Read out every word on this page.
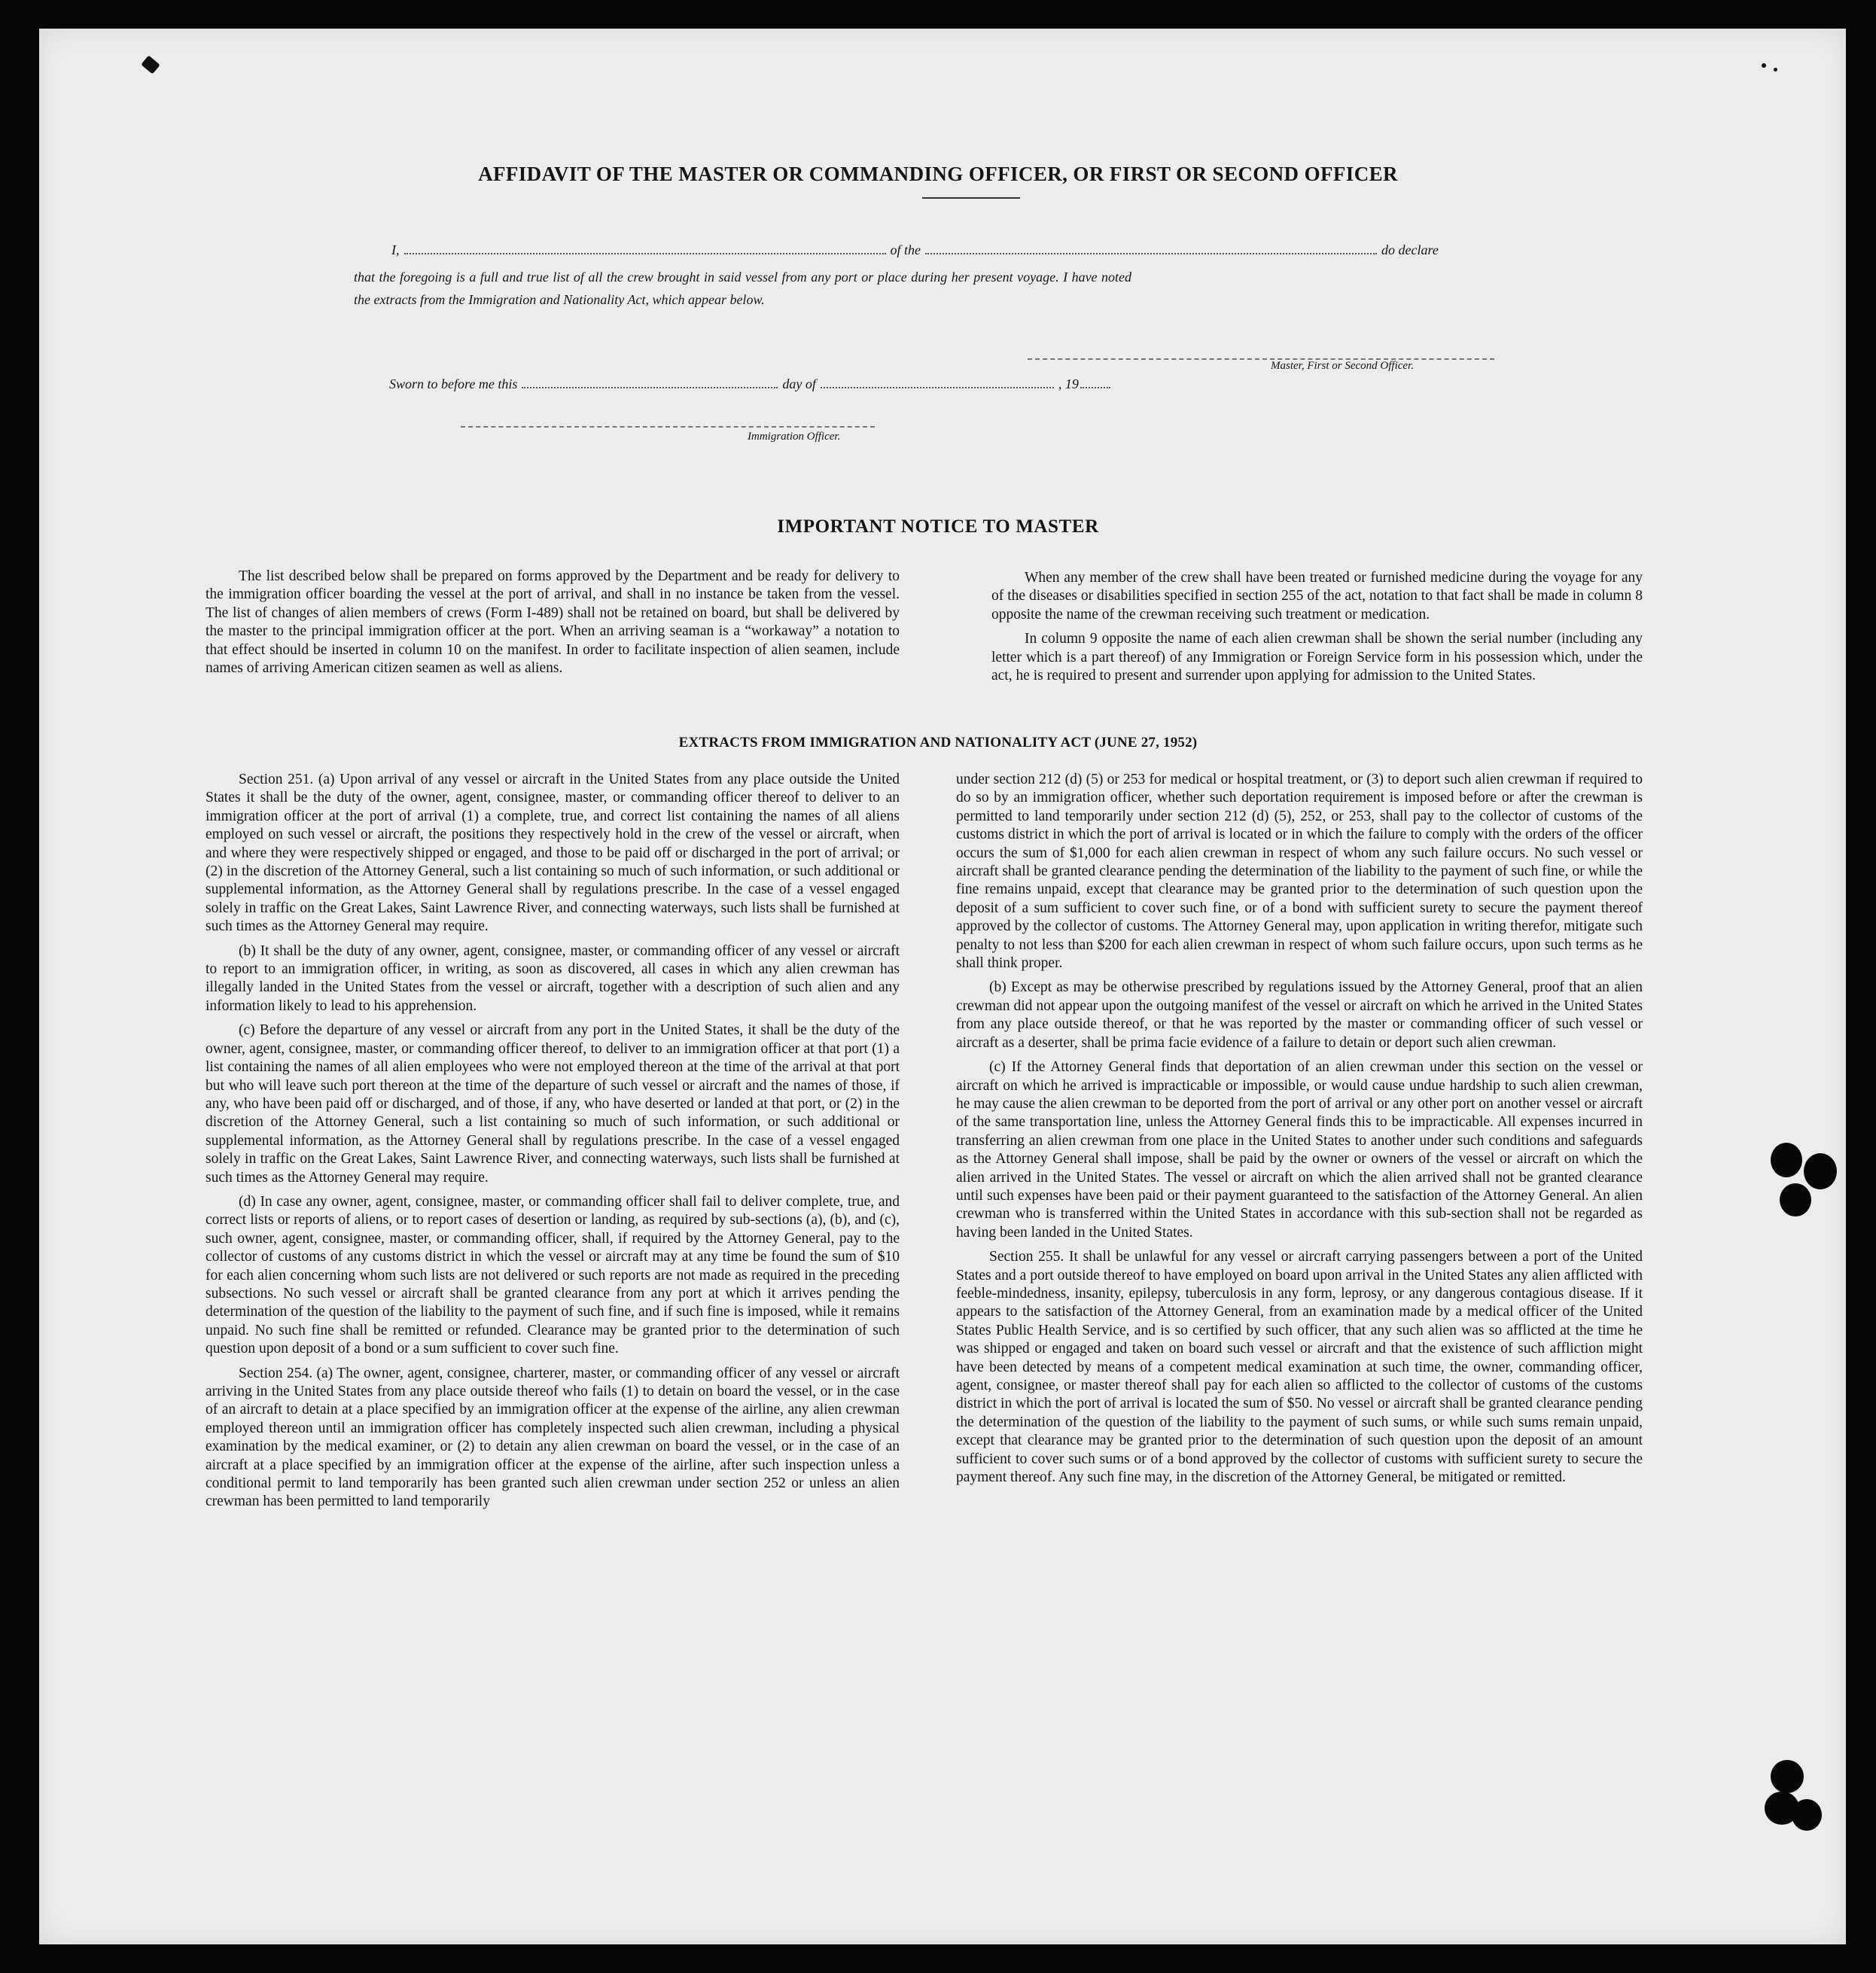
AFFIDAVIT OF THE MASTER OR COMMANDING OFFICER, OR FIRST OR SECOND OFFICER
I,	of the	do declare
that the foregoing is a full and true list of all the crew brought in said vessel from any port or place during her present voyage. I have noted
the extracts from the Immigration and Nationality Act, which appear below.
Master, First or Second Officer.
Sworn to before me this	day of	, 19
Immigration Officer.
IMPORTANT NOTICE TO MASTER

The list described below shall be prepared on forms approved by the Department and be ready for delivery to the immigration officer boarding the vessel at the port of arrival, and shall in no instance be taken from the vessel. The list of changes of alien members of crews (Form I-489) shall not be retained on board, but shall be delivered by the master to the principal immigration officer at the port. When an arriving seaman is a “workaway” a notation to that effect should be inserted in column 10 on the manifest. In order to facilitate inspection of alien seamen, include names of arriving American citizen seamen as well as aliens.

When any member of the crew shall have been treated or furnished medicine during the voyage for any of the diseases or disabilities specified in section 255 of the act, notation to that fact shall be made in column 8 opposite the name of the crewman receiving such treatment or medication.

In column 9 opposite the name of each alien crewman shall be shown the serial number (including any letter which is a part thereof) of any Immigration or Foreign Service form in his possession which, under the act, he is required to present and surrender upon applying for admission to the United States.

EXTRACTS FROM IMMIGRATION AND NATIONALITY ACT (JUNE 27, 1952)

Section 251. (a) Upon arrival of any vessel or aircraft in the United States from any place outside the United States it shall be the duty of the owner, agent, consignee, master, or commanding officer thereof to deliver to an immigration officer at the port of arrival (1) a complete, true, and correct list containing the names of all aliens employed on such vessel or aircraft, the positions they respectively hold in the crew of the vessel or aircraft, when and where they were respectively shipped or engaged, and those to be paid off or discharged in the port of arrival; or (2) in the discretion of the Attorney General, such a list containing so much of such information, or such additional or supplemental information, as the Attorney General shall by regulations prescribe. In the case of a vessel engaged solely in traffic on the Great Lakes, Saint Lawrence River, and connecting waterways, such lists shall be furnished at such times as the Attorney General may require.

(b) It shall be the duty of any owner, agent, consignee, master, or commanding officer of any vessel or aircraft to report to an immigration officer, in writing, as soon as discovered, all cases in which any alien crewman has illegally landed in the United States from the vessel or aircraft, together with a description of such alien and any information likely to lead to his apprehension.

(c) Before the departure of any vessel or aircraft from any port in the United States, it shall be the duty of the owner, agent, consignee, master, or commanding officer thereof, to deliver to an immigration officer at that port (1) a list containing the names of all alien employees who were not employed thereon at the time of the arrival at that port but who will leave such port thereon at the time of the departure of such vessel or aircraft and the names of those, if any, who have been paid off or discharged, and of those, if any, who have deserted or landed at that port, or (2) in the discretion of the Attorney General, such a list containing so much of such information, or such additional or supplemental information, as the Attorney General shall by regulations prescribe. In the case of a vessel engaged solely in traffic on the Great Lakes, Saint Lawrence River, and connecting waterways, such lists shall be furnished at such times as the Attorney General may require.

(d) In case any owner, agent, consignee, master, or commanding officer shall fail to deliver complete, true, and correct lists or reports of aliens, or to report cases of desertion or landing, as required by sub-sections (a), (b), and (c), such owner, agent, consignee, master, or commanding officer, shall, if required by the Attorney General, pay to the collector of customs of any customs district in which the vessel or aircraft may at any time be found the sum of $10 for each alien concerning whom such lists are not delivered or such reports are not made as required in the preceding subsections. No such vessel or aircraft shall be granted clearance from any port at which it arrives pending the determination of the question of the liability to the payment of such fine, and if such fine is imposed, while it remains unpaid. No such fine shall be remitted or refunded. Clearance may be granted prior to the determination of such question upon deposit of a bond or a sum sufficient to cover such fine.

Section 254. (a) The owner, agent, consignee, charterer, master, or commanding officer of any vessel or aircraft arriving in the United States from any place outside thereof who fails (1) to detain on board the vessel, or in the case of an aircraft to detain at a place specified by an immigration officer at the expense of the airline, any alien crewman employed thereon until an immigration officer has completely inspected such alien crewman, including a physical examination by the medical examiner, or (2) to detain any alien crewman on board the vessel, or in the case of an aircraft at a place specified by an immigration officer at the expense of the airline, after such inspection unless a conditional permit to land temporarily has been granted such alien crewman under section 252 or unless an alien crewman has been permitted to land temporarily

under section 212 (d) (5) or 253 for medical or hospital treatment, or (3) to deport such alien crewman if required to do so by an immigration officer, whether such deportation requirement is imposed before or after the crewman is permitted to land temporarily under section 212 (d) (5), 252, or 253, shall pay to the collector of customs of the customs district in which the port of arrival is located or in which the failure to comply with the orders of the officer occurs the sum of $1,000 for each alien crewman in respect of whom any such failure occurs. No such vessel or aircraft shall be granted clearance pending the determination of the liability to the payment of such fine, or while the fine remains unpaid, except that clearance may be granted prior to the determination of such question upon the deposit of a sum sufficient to cover such fine, or of a bond with sufficient surety to secure the payment thereof approved by the collector of customs. The Attorney General may, upon application in writing therefor, mitigate such penalty to not less than $200 for each alien crewman in respect of whom such failure occurs, upon such terms as he shall think proper.

(b) Except as may be otherwise prescribed by regulations issued by the Attorney General, proof that an alien crewman did not appear upon the outgoing manifest of the vessel or aircraft on which he arrived in the United States from any place outside thereof, or that he was reported by the master or commanding officer of such vessel or aircraft as a deserter, shall be prima facie evidence of a failure to detain or deport such alien crewman.

(c) If the Attorney General finds that deportation of an alien crewman under this section on the vessel or aircraft on which he arrived is impracticable or impossible, or would cause undue hardship to such alien crewman, he may cause the alien crewman to be deported from the port of arrival or any other port on another vessel or aircraft of the same transportation line, unless the Attorney General finds this to be impracticable. All expenses incurred in transferring an alien crewman from one place in the United States to another under such conditions and safeguards as the Attorney General shall impose, shall be paid by the owner or owners of the vessel or aircraft on which the alien arrived in the United States. The vessel or aircraft on which the alien arrived shall not be granted clearance until such expenses have been paid or their payment guaranteed to the satisfaction of the Attorney General. An alien crewman who is transferred within the United States in accordance with this sub-section shall not be regarded as having been landed in the United States.

Section 255. It shall be unlawful for any vessel or aircraft carrying passengers between a port of the United States and a port outside thereof to have employed on board upon arrival in the United States any alien afflicted with feeble-mindedness, insanity, epilepsy, tuberculosis in any form, leprosy, or any dangerous contagious disease. If it appears to the satisfaction of the Attorney General, from an examination made by a medical officer of the United States Public Health Service, and is so certified by such officer, that any such alien was so afflicted at the time he was shipped or engaged and taken on board such vessel or aircraft and that the existence of such affliction might have been detected by means of a competent medical examination at such time, the owner, commanding officer, agent, consignee, or master thereof shall pay for each alien so afflicted to the collector of customs of the customs district in which the port of arrival is located the sum of $50. No vessel or aircraft shall be granted clearance pending the determination of the question of the liability to the payment of such sums, or while such sums remain unpaid, except that clearance may be granted prior to the determination of such question upon the deposit of an amount sufficient to cover such sums or of a bond approved by the collector of customs with sufficient surety to secure the payment thereof. Any such fine may, in the discretion of the Attorney General, be mitigated or remitted.
